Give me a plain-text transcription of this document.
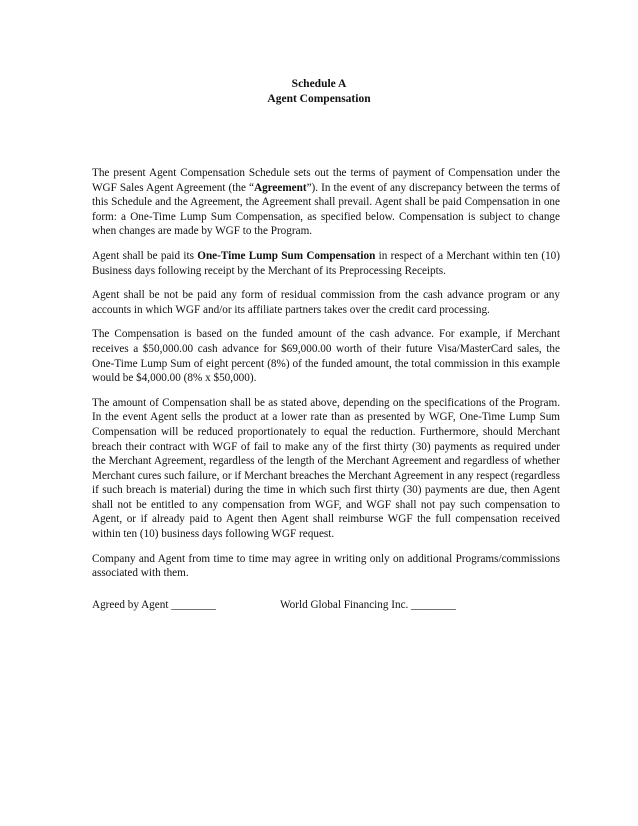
Schedule A
Agent Compensation

The present Agent Compensation Schedule sets out the terms of payment of Compensation under the WGF Sales Agent Agreement (the “Agreement”). In the event of any discrepancy between the terms of this Schedule and the Agreement, the Agreement shall prevail. Agent shall be paid Compensation in one form: a One-Time Lump Sum Compensation, as specified below. Compensation is subject to change when changes are made by WGF to the Program.

Agent shall be paid its One-Time Lump Sum Compensation in respect of a Merchant within ten (10) Business days following receipt by the Merchant of its Preprocessing Receipts.

Agent shall be not be paid any form of residual commission from the cash advance program or any accounts in which WGF and/or its affiliate partners takes over the credit card processing.

The Compensation is based on the funded amount of the cash advance. For example, if Merchant receives a $50,000.00 cash advance for $69,000.00 worth of their future Visa/MasterCard sales, the One-Time Lump Sum of eight percent (8%) of the funded amount, the total commission in this example would be $4,000.00 (8% x $50,000).

The amount of Compensation shall be as stated above, depending on the specifications of the Program. In the event Agent sells the product at a lower rate than as presented by WGF, One-Time Lump Sum Compensation will be reduced proportionately to equal the reduction. Furthermore, should Merchant breach their contract with WGF of fail to make any of the first thirty (30) payments as required under the Merchant Agreement, regardless of the length of the Merchant Agreement and regardless of whether Merchant cures such failure, or if Merchant breaches the Merchant Agreement in any respect (regardless if such breach is material) during the time in which such first thirty (30) payments are due, then Agent shall not be entitled to any compensation from WGF, and WGF shall not pay such compensation to Agent, or if already paid to Agent then Agent shall reimburse WGF the full compensation received within ten (10) business days following WGF request.

Company and Agent from time to time may agree in writing only on additional Programs/commissions associated with them.

Agreed by Agent ________	World Global Financing Inc. ________
